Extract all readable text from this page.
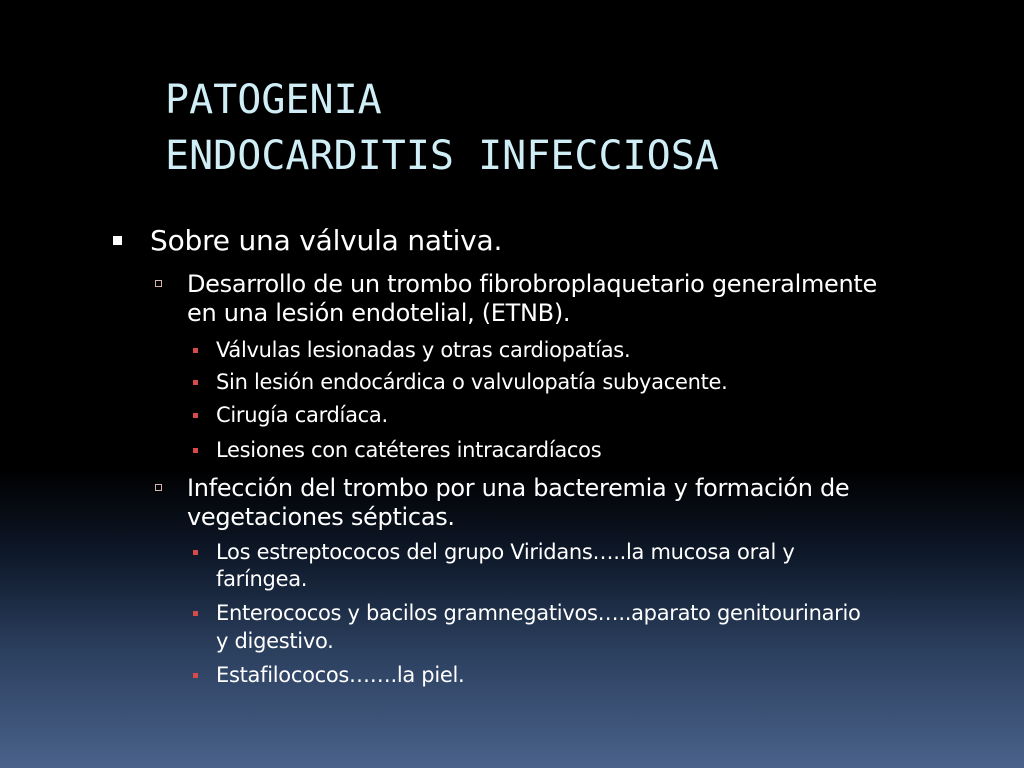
PATOGENIA
ENDOCARDITIS INFECCIOSA
Sobre una válvula nativa.
Desarrollo de un trombo fibrobroplaquetario generalmente
en una lesión endotelial, (ETNB).
Válvulas lesionadas y otras cardiopatías.
Sin lesión endocárdica o valvulopatía subyacente.
Cirugía cardíaca.
Lesiones con catéteres intracardíacos
Infección del trombo por una bacteremia y formación de
vegetaciones sépticas.
Los estreptococos del grupo Viridans…..la mucosa oral y
faríngea.
Enterococos y bacilos gramnegativos…..aparato genitourinario
y digestivo.
Estafilococos…….la piel.
